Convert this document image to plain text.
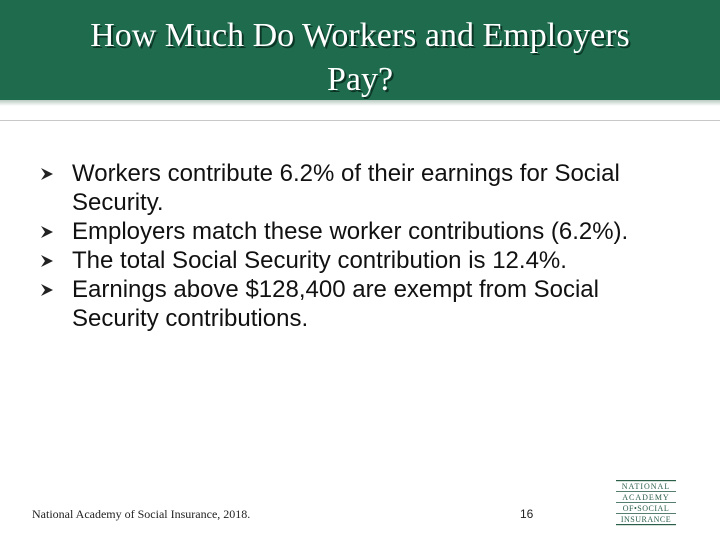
How Much Do Workers and Employers
Pay?
Workers contribute 6.2% of their earnings for Social Security.
Employers match these worker contributions (6.2%).
The total Social Security contribution is 12.4%.
Earnings above $128,400 are exempt from Social Security contributions.
National Academy of Social Insurance, 2018.	16
NATIONAL
ACADEMY
OF•SOCIAL
INSURANCE
